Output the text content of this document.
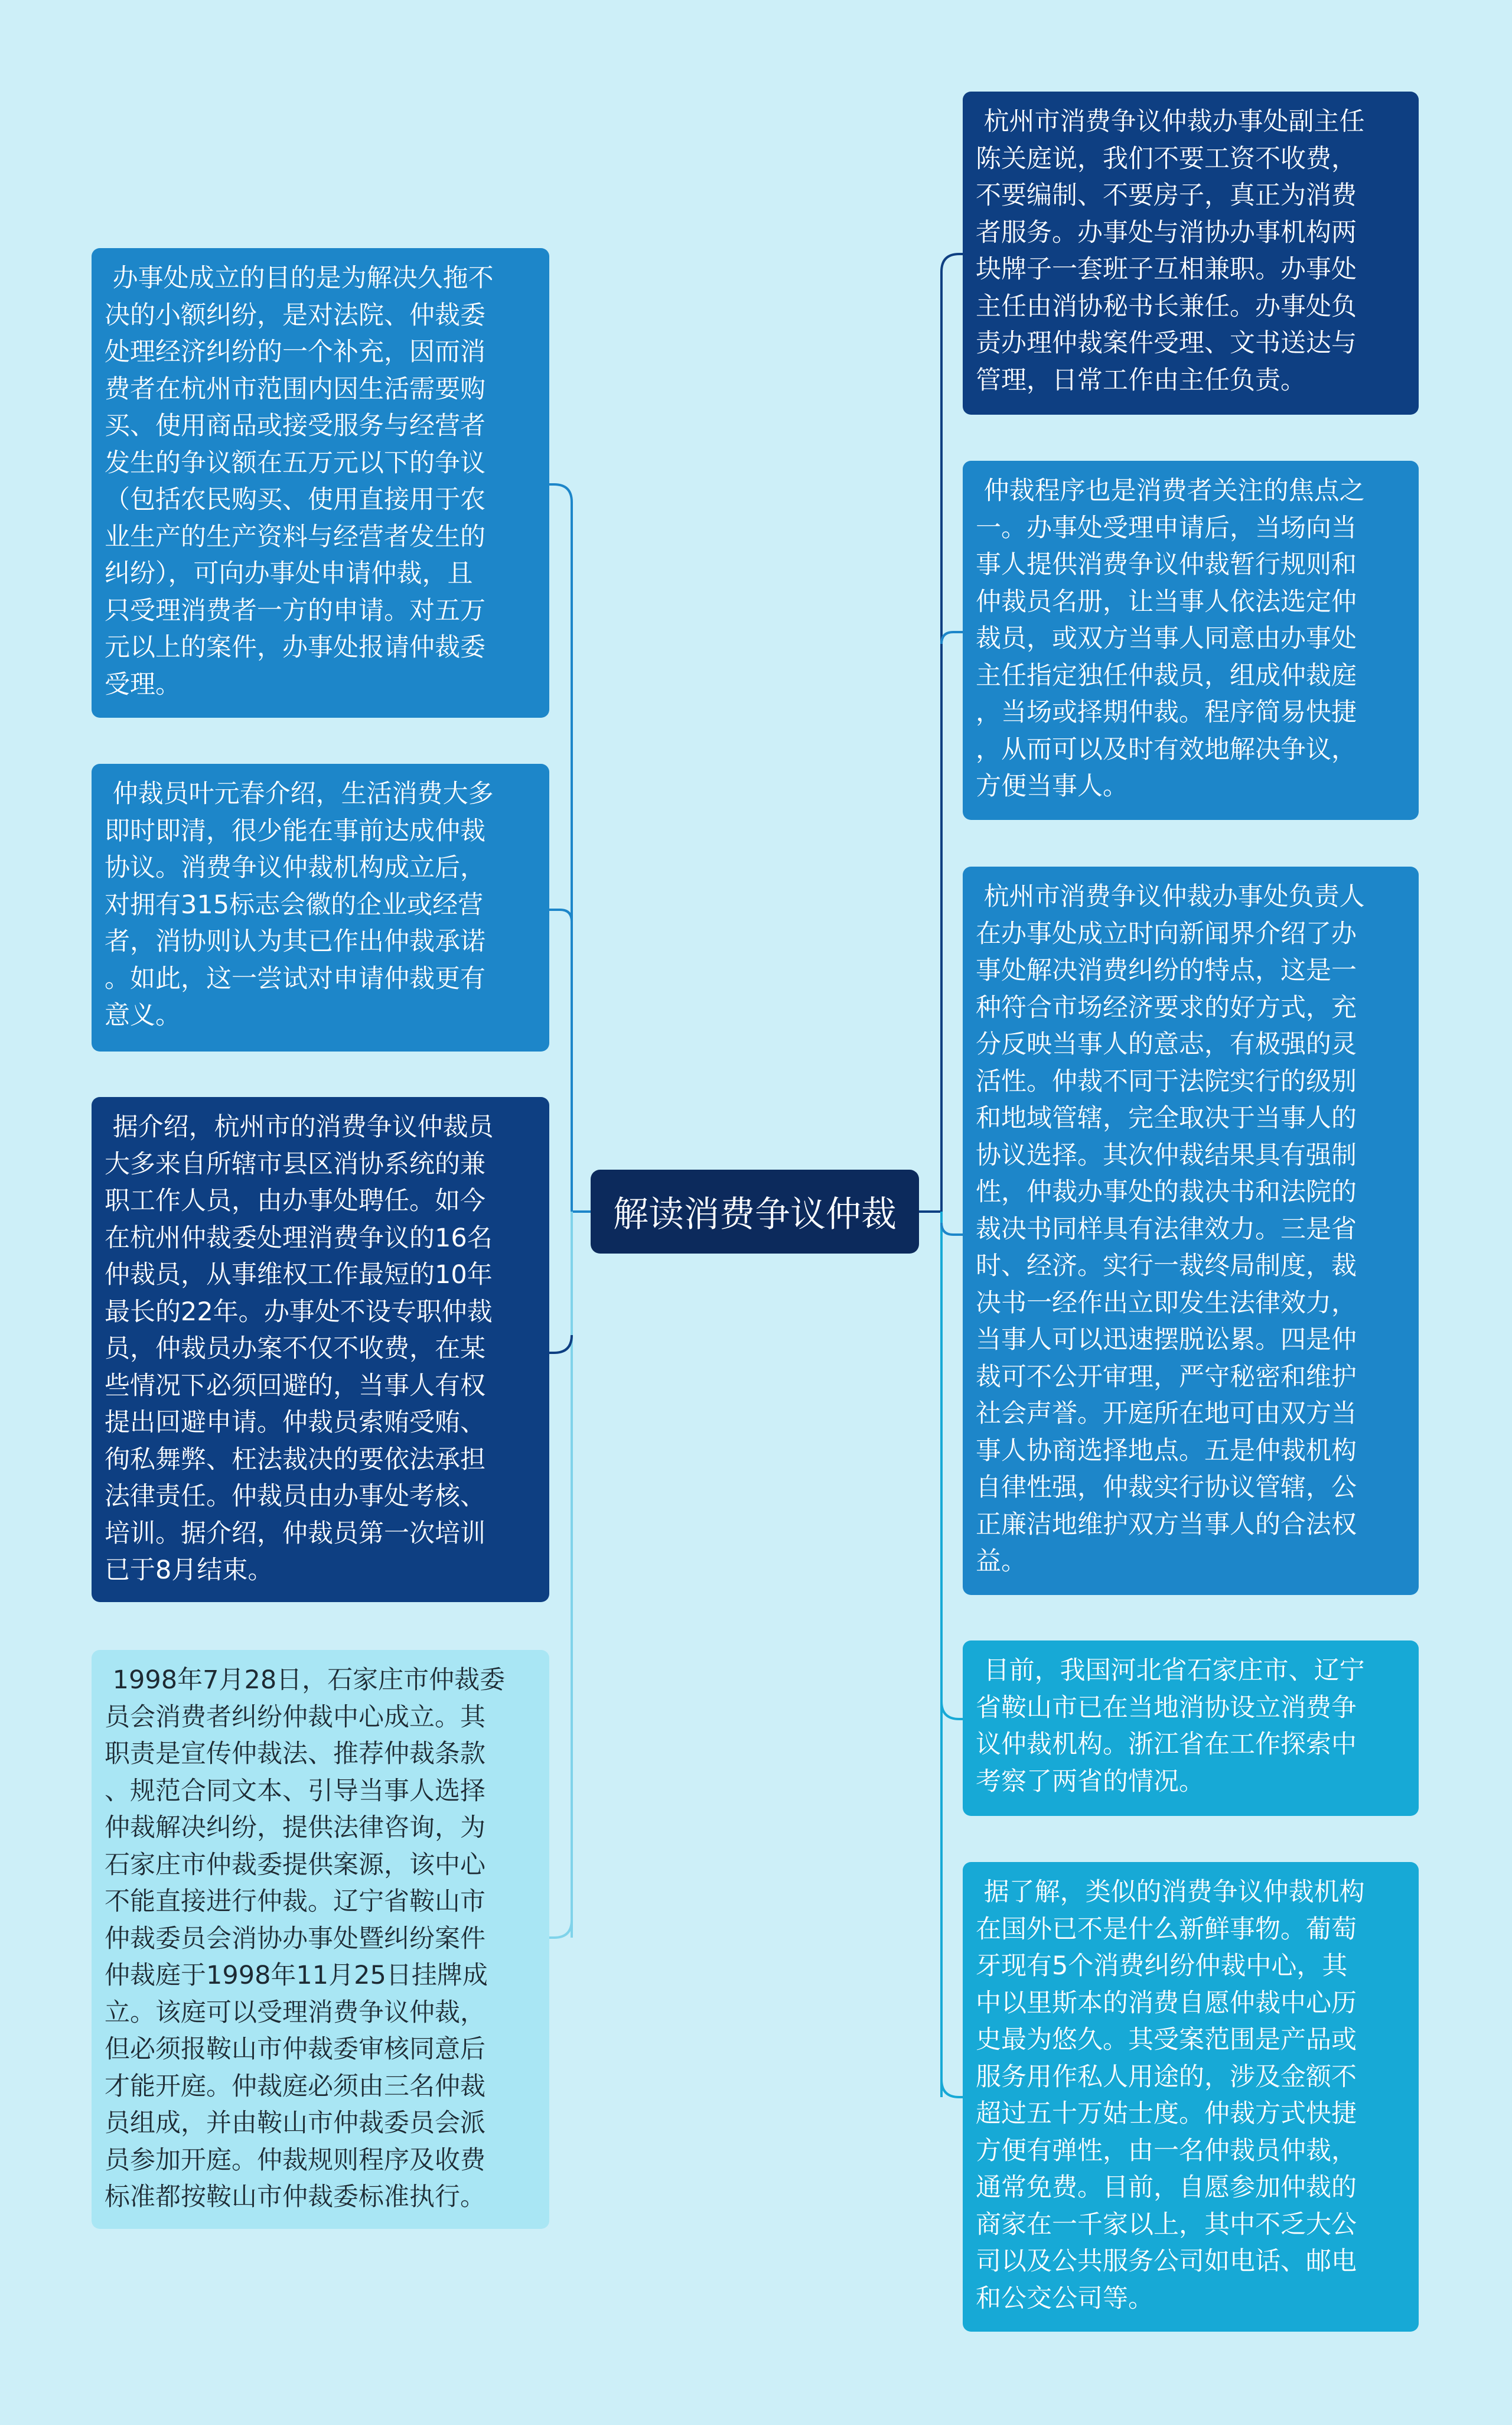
解读消费争议仲裁
办事处成立的目的是为解决久拖不
决的小额纠纷，是对法院、仲裁委
处理经济纠纷的一个补充，因而消
费者在杭州市范围内因生活需要购
买、使用商品或接受服务与经营者
发生的争议额在五万元以下的争议
（包括农民购买、使用直接用于农
业生产的生产资料与经营者发生的
纠纷），可向办事处申请仲裁，且
只受理消费者一方的申请。对五万
元以上的案件，办事处报请仲裁委
受理。
仲裁员叶元春介绍，生活消费大多
即时即清，很少能在事前达成仲裁
协议。消费争议仲裁机构成立后，
对拥有315标志会徽的企业或经营
者，消协则认为其已作出仲裁承诺
。如此，这一尝试对申请仲裁更有
意义。
据介绍，杭州市的消费争议仲裁员
大多来自所辖市县区消协系统的兼
职工作人员，由办事处聘任。如今
在杭州仲裁委处理消费争议的16名
仲裁员，从事维权工作最短的10年
最长的22年。办事处不设专职仲裁
员，仲裁员办案不仅不收费，在某
些情况下必须回避的，当事人有权
提出回避申请。仲裁员索贿受贿、
徇私舞弊、枉法裁决的要依法承担
法律责任。仲裁员由办事处考核、
培训。据介绍，仲裁员第一次培训
已于8月结束。
1998年7月28日，石家庄市仲裁委
员会消费者纠纷仲裁中心成立。其
职责是宣传仲裁法、推荐仲裁条款
、规范合同文本、引导当事人选择
仲裁解决纠纷，提供法律咨询，为
石家庄市仲裁委提供案源，该中心
不能直接进行仲裁。辽宁省鞍山市
仲裁委员会消协办事处暨纠纷案件
仲裁庭于1998年11月25日挂牌成
立。该庭可以受理消费争议仲裁，
但必须报鞍山市仲裁委审核同意后
才能开庭。仲裁庭必须由三名仲裁
员组成，并由鞍山市仲裁委员会派
员参加开庭。仲裁规则程序及收费
标准都按鞍山市仲裁委标准执行。
杭州市消费争议仲裁办事处副主任
陈关庭说，我们不要工资不收费，
不要编制、不要房子，真正为消费
者服务。办事处与消协办事机构两
块牌子一套班子互相兼职。办事处
主任由消协秘书长兼任。办事处负
责办理仲裁案件受理、文书送达与
管理，日常工作由主任负责。
仲裁程序也是消费者关注的焦点之
一。办事处受理申请后，当场向当
事人提供消费争议仲裁暂行规则和
仲裁员名册，让当事人依法选定仲
裁员，或双方当事人同意由办事处
主任指定独任仲裁员，组成仲裁庭
，当场或择期仲裁。程序简易快捷
，从而可以及时有效地解决争议，
方便当事人。
杭州市消费争议仲裁办事处负责人
在办事处成立时向新闻界介绍了办
事处解决消费纠纷的特点，这是一
种符合市场经济要求的好方式，充
分反映当事人的意志，有极强的灵
活性。仲裁不同于法院实行的级别
和地域管辖，完全取决于当事人的
协议选择。其次仲裁结果具有强制
性，仲裁办事处的裁决书和法院的
裁决书同样具有法律效力。三是省
时、经济。实行一裁终局制度，裁
决书一经作出立即发生法律效力，
当事人可以迅速摆脱讼累。四是仲
裁可不公开审理，严守秘密和维护
社会声誉。开庭所在地可由双方当
事人协商选择地点。五是仲裁机构
自律性强，仲裁实行协议管辖，公
正廉洁地维护双方当事人的合法权
益。
目前，我国河北省石家庄市、辽宁
省鞍山市已在当地消协设立消费争
议仲裁机构。浙江省在工作探索中
考察了两省的情况。
据了解，类似的消费争议仲裁机构
在国外已不是什么新鲜事物。葡萄
牙现有5个消费纠纷仲裁中心，其
中以里斯本的消费自愿仲裁中心历
史最为悠久。其受案范围是产品或
服务用作私人用途的，涉及金额不
超过五十万姑士度。仲裁方式快捷
方便有弹性，由一名仲裁员仲裁，
通常免费。目前，自愿参加仲裁的
商家在一千家以上，其中不乏大公
司以及公共服务公司如电话、邮电
和公交公司等。
